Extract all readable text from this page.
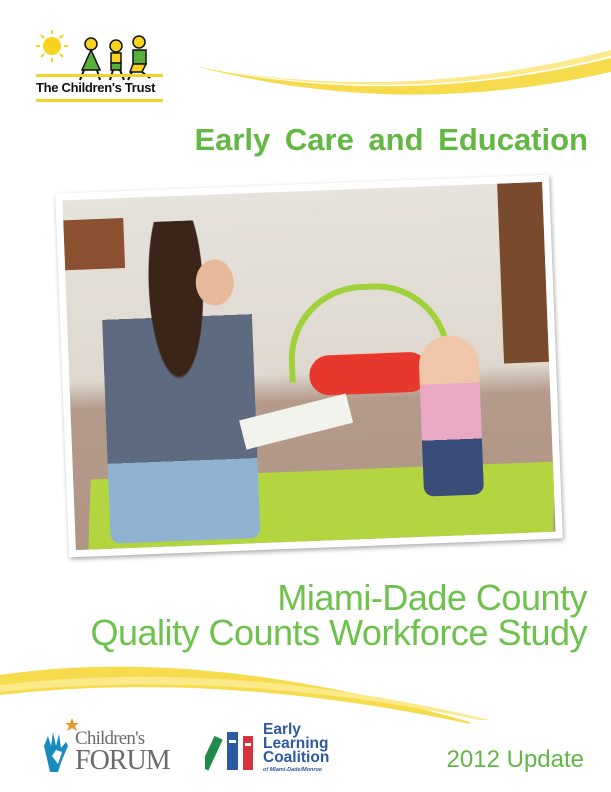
The Children's Trust
Early Care and Education
Miami-Dade County
Quality Counts Workforce Study
Children's
FORUM
Early
Learning
Coalition
of Miami-Dade/Monroe	2012 Update
